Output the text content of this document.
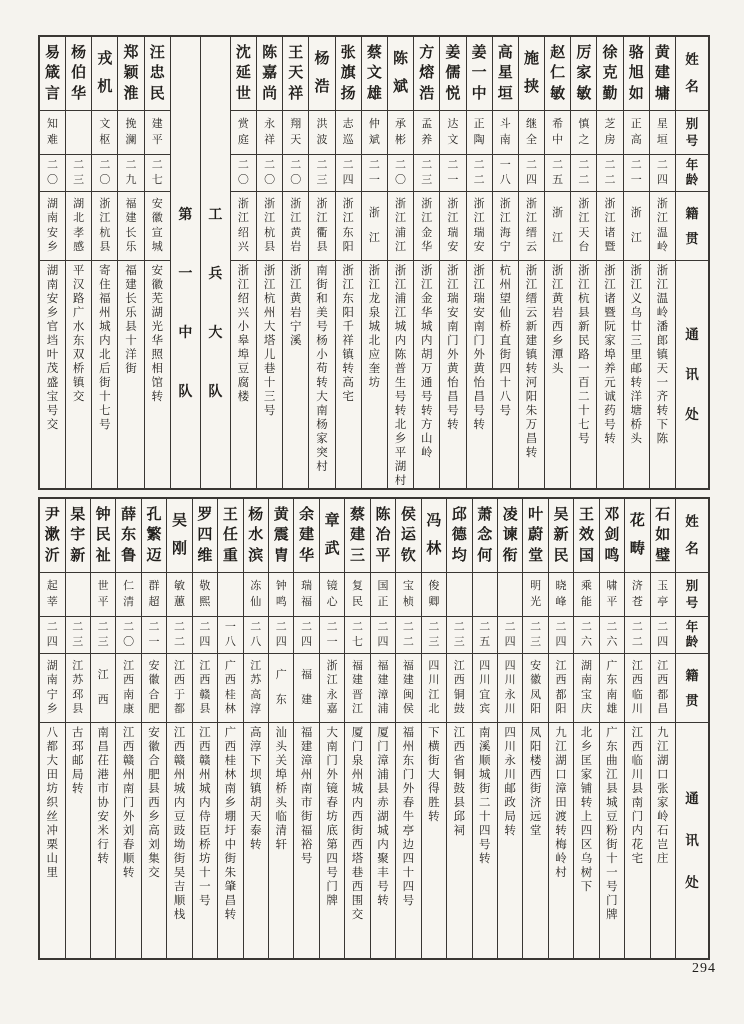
姓
名
别
号
年
龄
籍
贯
通
讯
处
黄
建
墉
星
垣
二
四
浙
江
温
岭
浙
江
温
岭
潘
郎
镇
天
一
齐
转
下
陈
骆
旭
如
正
高
二
一
浙
江
浙
江
义
乌
廿
三
里
邮
转
洋
塘
桥
头
徐
克
勤
芝
房
二
二
浙
江
诸
暨
浙
江
诸
暨
阮
家
埠
养
元
诚
药
号
转
厉
家
敏
慎
之
二
二
浙
江
天
台
浙
江
杭
县
新
民
路
一
百
二
十
七
号
赵
仁
敏
希
中
二
五
浙
江
浙
江
黄
岩
西
乡
潭
头
施
挟
继
全
二
四
浙
江
缙
云
浙
江
缙
云
新
建
镇
转
河
阳
朱
万
昌
转
高
星
垣
斗
南
一
八
浙
江
海
宁
杭
州
望
仙
桥
直
街
四
十
八
号
姜
一
中
正
陶
二
二
浙
江
瑞
安
浙
江
瑞
安
南
门
外
黄
怡
昌
号
转
姜
儒
悦
达
文
二
一
浙
江
瑞
安
浙
江
瑞
安
南
门
外
黄
怡
昌
号
转
方
熔
浩
孟
养
二
三
浙
江
金
华
浙
江
金
华
城
内
胡
万
通
号
转
方
山
岭
陈
斌
承
彬
二
〇
浙
江
浦
江
浙
江
浦
江
城
内
陈
普
生
号
转
北
乡
平
湖
村
蔡
文
雄
仲
斌
二
一
浙
江
浙
江
龙
泉
城
北
应
奎
坊
张
旗
扬
志
巡
二
四
浙
江
东
阳
浙
江
东
阳
千
祥
镇
转
高
宅
杨
浩
洪
波
二
三
浙
江
衢
县
南
街
和
美
号
杨
小
苟
转
大
南
杨
家
突
村
王
天
祥
翔
天
二
〇
浙
江
黄
岩
浙
江
黄
岩
宁
溪
陈
嘉
尚
永
祥
二
〇
浙
江
杭
县
浙
江
杭
州
大
塔
儿
巷
十
三
号
沈
延
世
赏
庭
二
〇
浙
江
绍
兴
浙
江
绍
兴
小
皋
埠
豆
腐
楼
工
兵
大
队
第
一
中
队
汪
忠
民
建
平
二
七
安
徽
宣
城
安
徽
芜
湖
光
华
照
相
馆
转
郑
颖
淮
挽
澜
二
九
福
建
长
乐
福
建
长
乐
县
十
洋
街
戎
机
文
枢
二
〇
浙
江
杭
县
寄
住
福
州
城
内
北
后
街
十
七
号
杨
伯
华
二
三
湖
北
孝
感
平
汉
路
广
水
东
双
桥
镇
交
易
箴
言
知
难
二
〇
湖
南
安
乡
湖
南
安
乡
官
垱
叶
茂
盛
宝
号
交
姓
名
别
号
年
龄
籍
贯
通
讯
处
石
如
璧
玉
亭
二
四
江
西
都
昌
九
江
湖
口
张
家
岭
石
岂
庄
花
畴
济
苍
二
二
江
西
临
川
江
西
临
川
县
南
门
内
花
宅
邓
剑
鸣
啸
平
二
六
广
东
南
雄
广
东
曲
江
县
城
豆
粉
街
十
一
号
门
牌
王
效
国
乘
能
二
六
湖
南
宝
庆
北
乡
匡
家
铺
转
上
四
区
乌
树
下
吴
新
民
晓
峰
二
四
江
西
都
阳
九
江
湖
口
漳
田
渡
转
梅
岭
村
叶
蔚
堂
明
光
二
三
安
徽
凤
阳
凤
阳
楼
西
街
济
远
堂
凌
谏
衔
二
四
四
川
永
川
四
川
永
川
邮
政
局
转
萧
念
何
二
五
四
川
宜
宾
南
溪
顺
城
街
二
十
四
号
转
邱
德
均
二
三
江
西
铜
鼓
江
西
省
铜
鼓
县
邱
祠
冯
林
俊
卿
二
三
四
川
江
北
下
横
街
大
得
胜
转
侯
运
钦
宝
桢
二
二
福
建
闽
侯
福
州
东
门
外
春
牛
亭
边
四
十
四
号
陈
冶
平
国
正
二
四
福
建
漳
浦
厦
门
漳
浦
县
赤
湖
城
内
聚
丰
号
转
蔡
建
三
复
民
二
七
福
建
晋
江
厦
门
泉
州
城
内
西
街
西
塔
巷
西
围
交
章
武
镜
心
二
一
浙
江
永
嘉
大
南
门
外
镜
春
坊
底
第
四
号
门
牌
余
建
华
瑞
福
二
四
福
建
福
建
漳
州
南
市
街
福
裕
号
黄
震
胄
钟
鸣
二
四
广
东
汕
头
关
埠
桥
头
临
清
轩
杨
水
滨
冻
仙
二
八
江
苏
高
淳
高
淳
下
坝
镇
胡
天
泰
转
王
任
重
一
八
广
西
桂
林
广
西
桂
林
南
乡
堋
圩
中
街
朱
肇
昌
转
罗
四
维
敬
熙
二
四
江
西
赣
县
江
西
赣
州
城
内
侍
臣
桥
坊
十
一
号
吴
刚
敏
蕙
二
二
江
西
于
都
江
西
赣
州
城
内
豆
豉
坳
街
吴
吉
顺
栈
孔
繁
迈
群
超
二
一
安
徽
合
肥
安
徽
合
肥
县
西
乡
高
刘
集
交
薛
东
鲁
仁
清
二
〇
江
西
南
康
江
西
赣
州
南
门
外
刘
春
顺
转
钟
民
祉
世
平
二
三
江
西
南
昌
茌
港
市
协
安
米
行
转
杲
宇
新
二
三
江
苏
邳
县
古
邳
邮
局
转
尹
漱
沂
起
莘
二
四
湖
南
宁
乡
八
都
大
田
坊
织
丝
冲
栗
山
里
294
